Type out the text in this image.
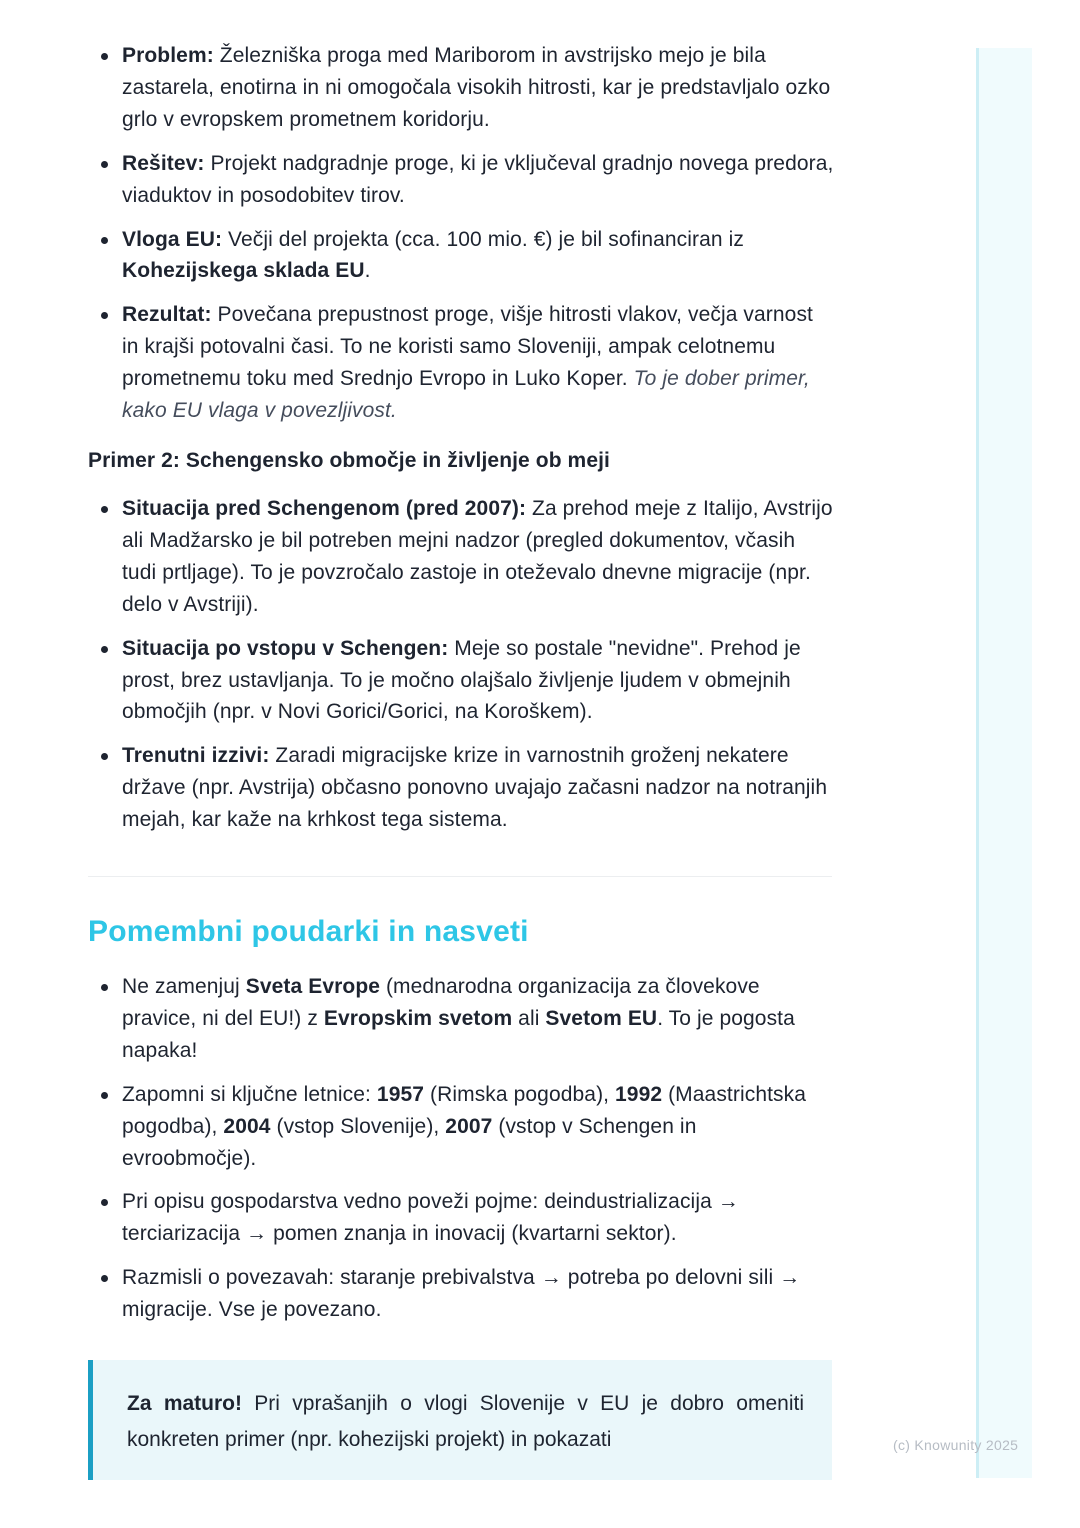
Problem: Železniška proga med Mariborom in avstrijsko mejo je bila zastarela, enotirna in ni omogočala visokih hitrosti, kar je predstavljalo ozko grlo v evropskem prometnem koridorju.
Rešitev: Projekt nadgradnje proge, ki je vključeval gradnjo novega predora, viaduktov in posodobitev tirov.
Vloga EU: Večji del projekta (cca. 100 mio. €) je bil sofinanciran iz Kohezijskega sklada EU.
Rezultat: Povečana prepustnost proge, višje hitrosti vlakov, večja varnost in krajši potovalni časi. To ne koristi samo Sloveniji, ampak celotnemu prometnemu toku med Srednjo Evropo in Luko Koper. To je dober primer, kako EU vlaga v povezljivost.
Primer 2: Schengensko območje in življenje ob meji
Situacija pred Schengenom (pred 2007): Za prehod meje z Italijo, Avstrijo ali Madžarsko je bil potreben mejni nadzor (pregled dokumentov, včasih tudi prtljage). To je povzročalo zastoje in oteževalo dnevne migracije (npr. delo v Avstriji).
Situacija po vstopu v Schengen: Meje so postale "nevidne". Prehod je prost, brez ustavljanja. To je močno olajšalo življenje ljudem v obmejnih območjih (npr. v Novi Gorici/Gorici, na Koroškem).
Trenutni izzivi: Zaradi migracijske krize in varnostnih groženj nekatere države (npr. Avstrija) občasno ponovno uvajajo začasni nadzor na notranjih mejah, kar kaže na krhkost tega sistema.
Pomembni poudarki in nasveti
Ne zamenjuj Sveta Evrope (mednarodna organizacija za človekove pravice, ni del EU!) z Evropskim svetom ali Svetom EU. To je pogosta napaka!
Zapomni si ključne letnice: 1957 (Rimska pogodba), 1992 (Maastrichtska pogodba), 2004 (vstop Slovenije), 2007 (vstop v Schengen in evroobmočje).
Pri opisu gospodarstva vedno poveži pojme: deindustrializacija → terciarizacija → pomen znanja in inovacij (kvartarni sektor).
Razmisli o povezavah: staranje prebivalstva → potreba po delovni sili → migracije. Vse je povezano.

Za maturo! Pri vprašanjih o vlogi Slovenije v EU je dobro omeniti konkreten primer (npr. kohezijski projekt) in pokazati	(c) Knowunity 2025
